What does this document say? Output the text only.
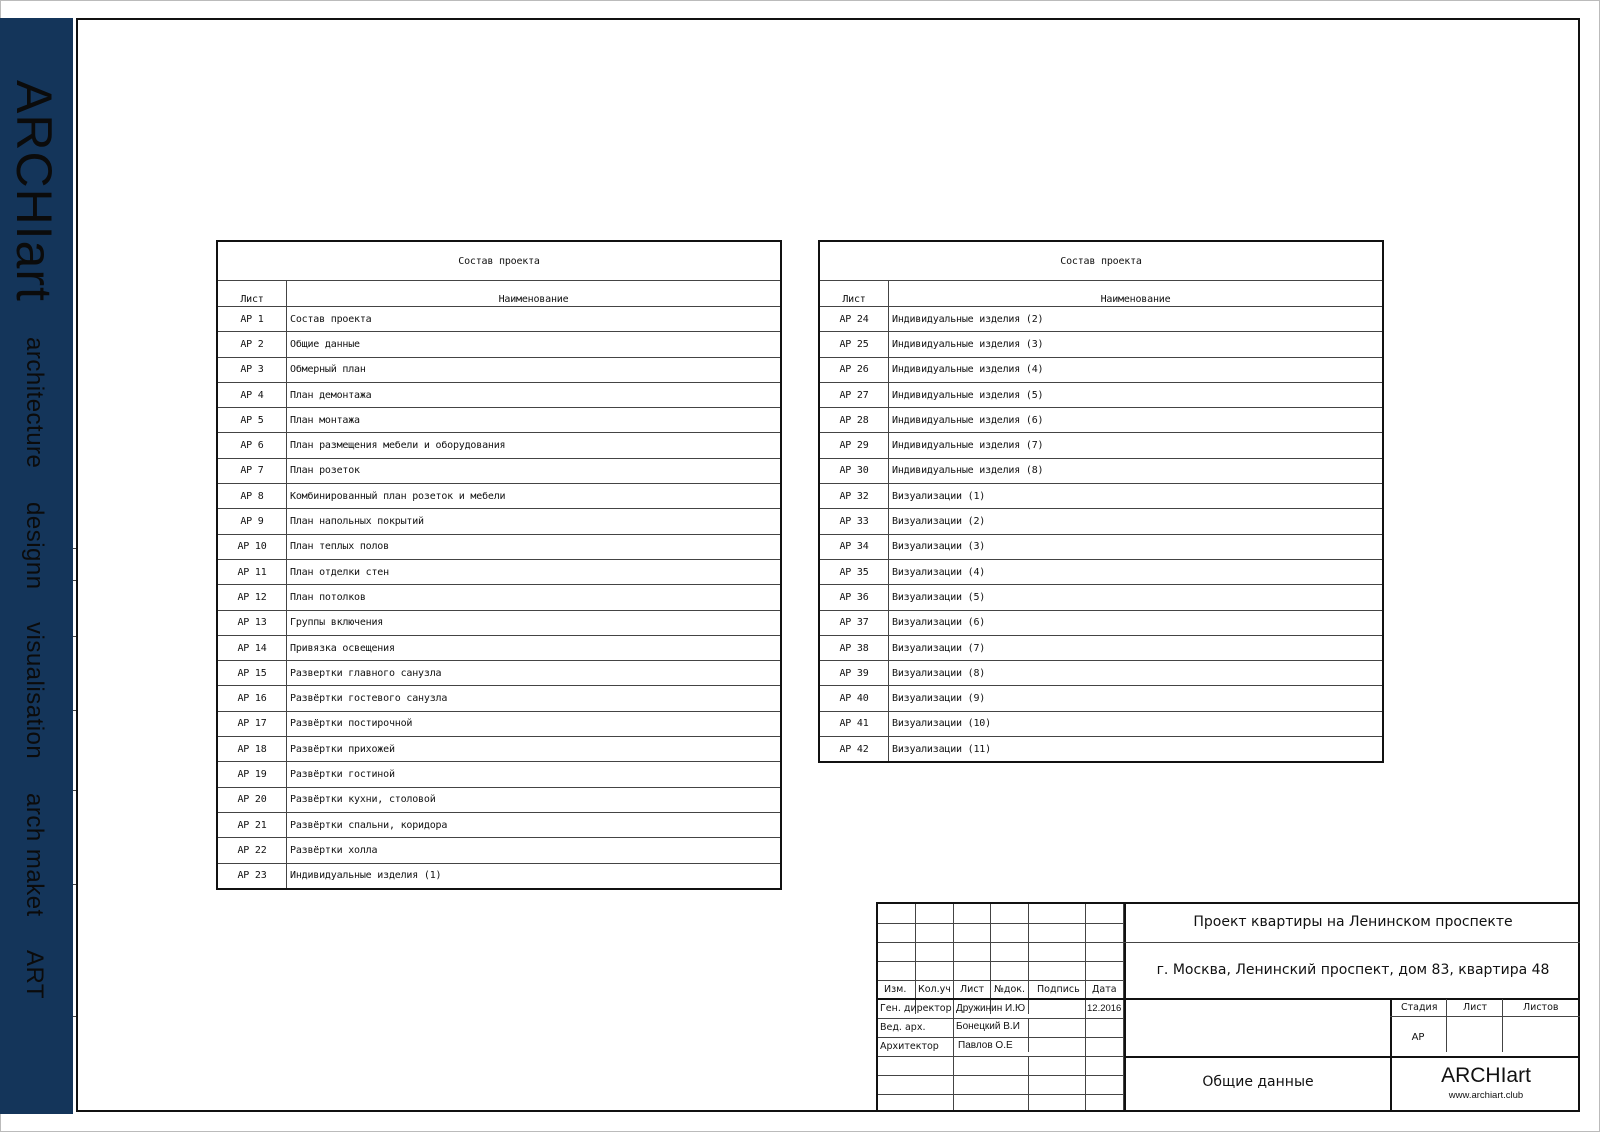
ARCHIart architecture designn visualisation arch maket ART
Состав проекта	
Лист	Наименование
АР 1	Состав проекта
АР 2	Общие данные
АР 3	Обмерный план
АР 4	План демонтажа
АР 5	План монтажа
АР 6	План размещения мебели и оборудования
АР 7	План розеток
АР 8	Комбинированный план розеток и мебели
АР 9	План напольных покрытий
АР 10	План теплых полов
АР 11	План отделки стен
АР 12	План потолков
АР 13	Группы включения
АР 14	Привязка освещения
АР 15	Развертки главного санузла
АР 16	Развёртки гостевого санузла
АР 17	Развёртки постирочной
АР 18	Развёртки прихожей
АР 19	Развёртки гостиной
АР 20	Развёртки кухни, столовой
АР 21	Развёртки спальни, коридора
АР 22	Развёртки холла
АР 23	Индивидуальные изделия (1)
Состав проекта	
Лист	Наименование
АР 24	Индивидуальные изделия (2)
АР 25	Индивидуальные изделия (3)
АР 26	Индивидуальные изделия (4)
АР 27	Индивидуальные изделия (5)
АР 28	Индивидуальные изделия (6)
АР 29	Индивидуальные изделия (7)
АР 30	Индивидуальные изделия (8)
АР 32	Визуализации (1)
АР 33	Визуализации (2)
АР 34	Визуализации (3)
АР 35	Визуализации (4)
АР 36	Визуализации (5)
АР 37	Визуализации (6)
АР 38	Визуализации (7)
АР 39	Визуализации (8)
АР 40	Визуализации (9)
АР 41	Визуализации (10)
АР 42	Визуализации (11)
Изм. Кол.уч Лист №док. Подпись Дата
Ген. директор Дружинин И.Ю	12.2016
Вед. арх.	Бонецкий В.И
Архитектор Павлов О.Е
Проект квартиры на Ленинском проспекте
г. Москва, Ленинский проспект, дом 83, квартира 48
Стадия	Лист	Листов
АР
Общие данные	ARCHIart
www.archiart.club
